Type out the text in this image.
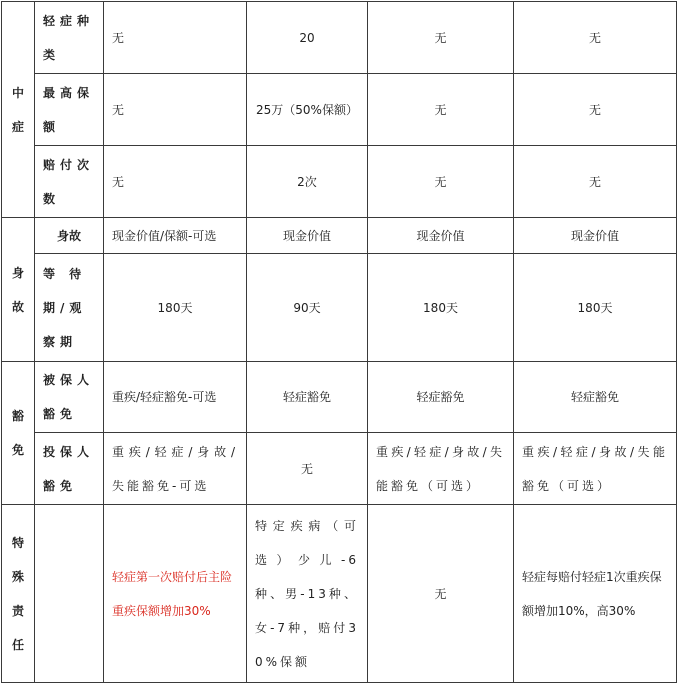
中
症	轻症种类	无	20	无	无
	最高保额	无	25万（50%保额）	无	无
	赔付次数	无	2次	无	无

身
故	身故	现金价值/保额-可选	现金价值	现金价值	现金价值
	等 待 期/观察期	180天	90天	180天	180天

豁
免	被保人豁免	重疾/轻症豁免-可选	轻症豁免	轻症豁免	轻症豁免
	投保人豁免	重疾/轻症/身故/失能豁免-可选	无	重疾/轻症/身故/失能豁免（可选）	重疾/轻症/身故/失能豁免（可选）

特
殊
责
任		轻症第一次赔付后主险重疾保额增加30%	特定疾病（可选）少儿-6种、男-13种、女-7种，赔付30%保额	无	轻症每赔付轻症1次重疾保额增加10%，高30%
